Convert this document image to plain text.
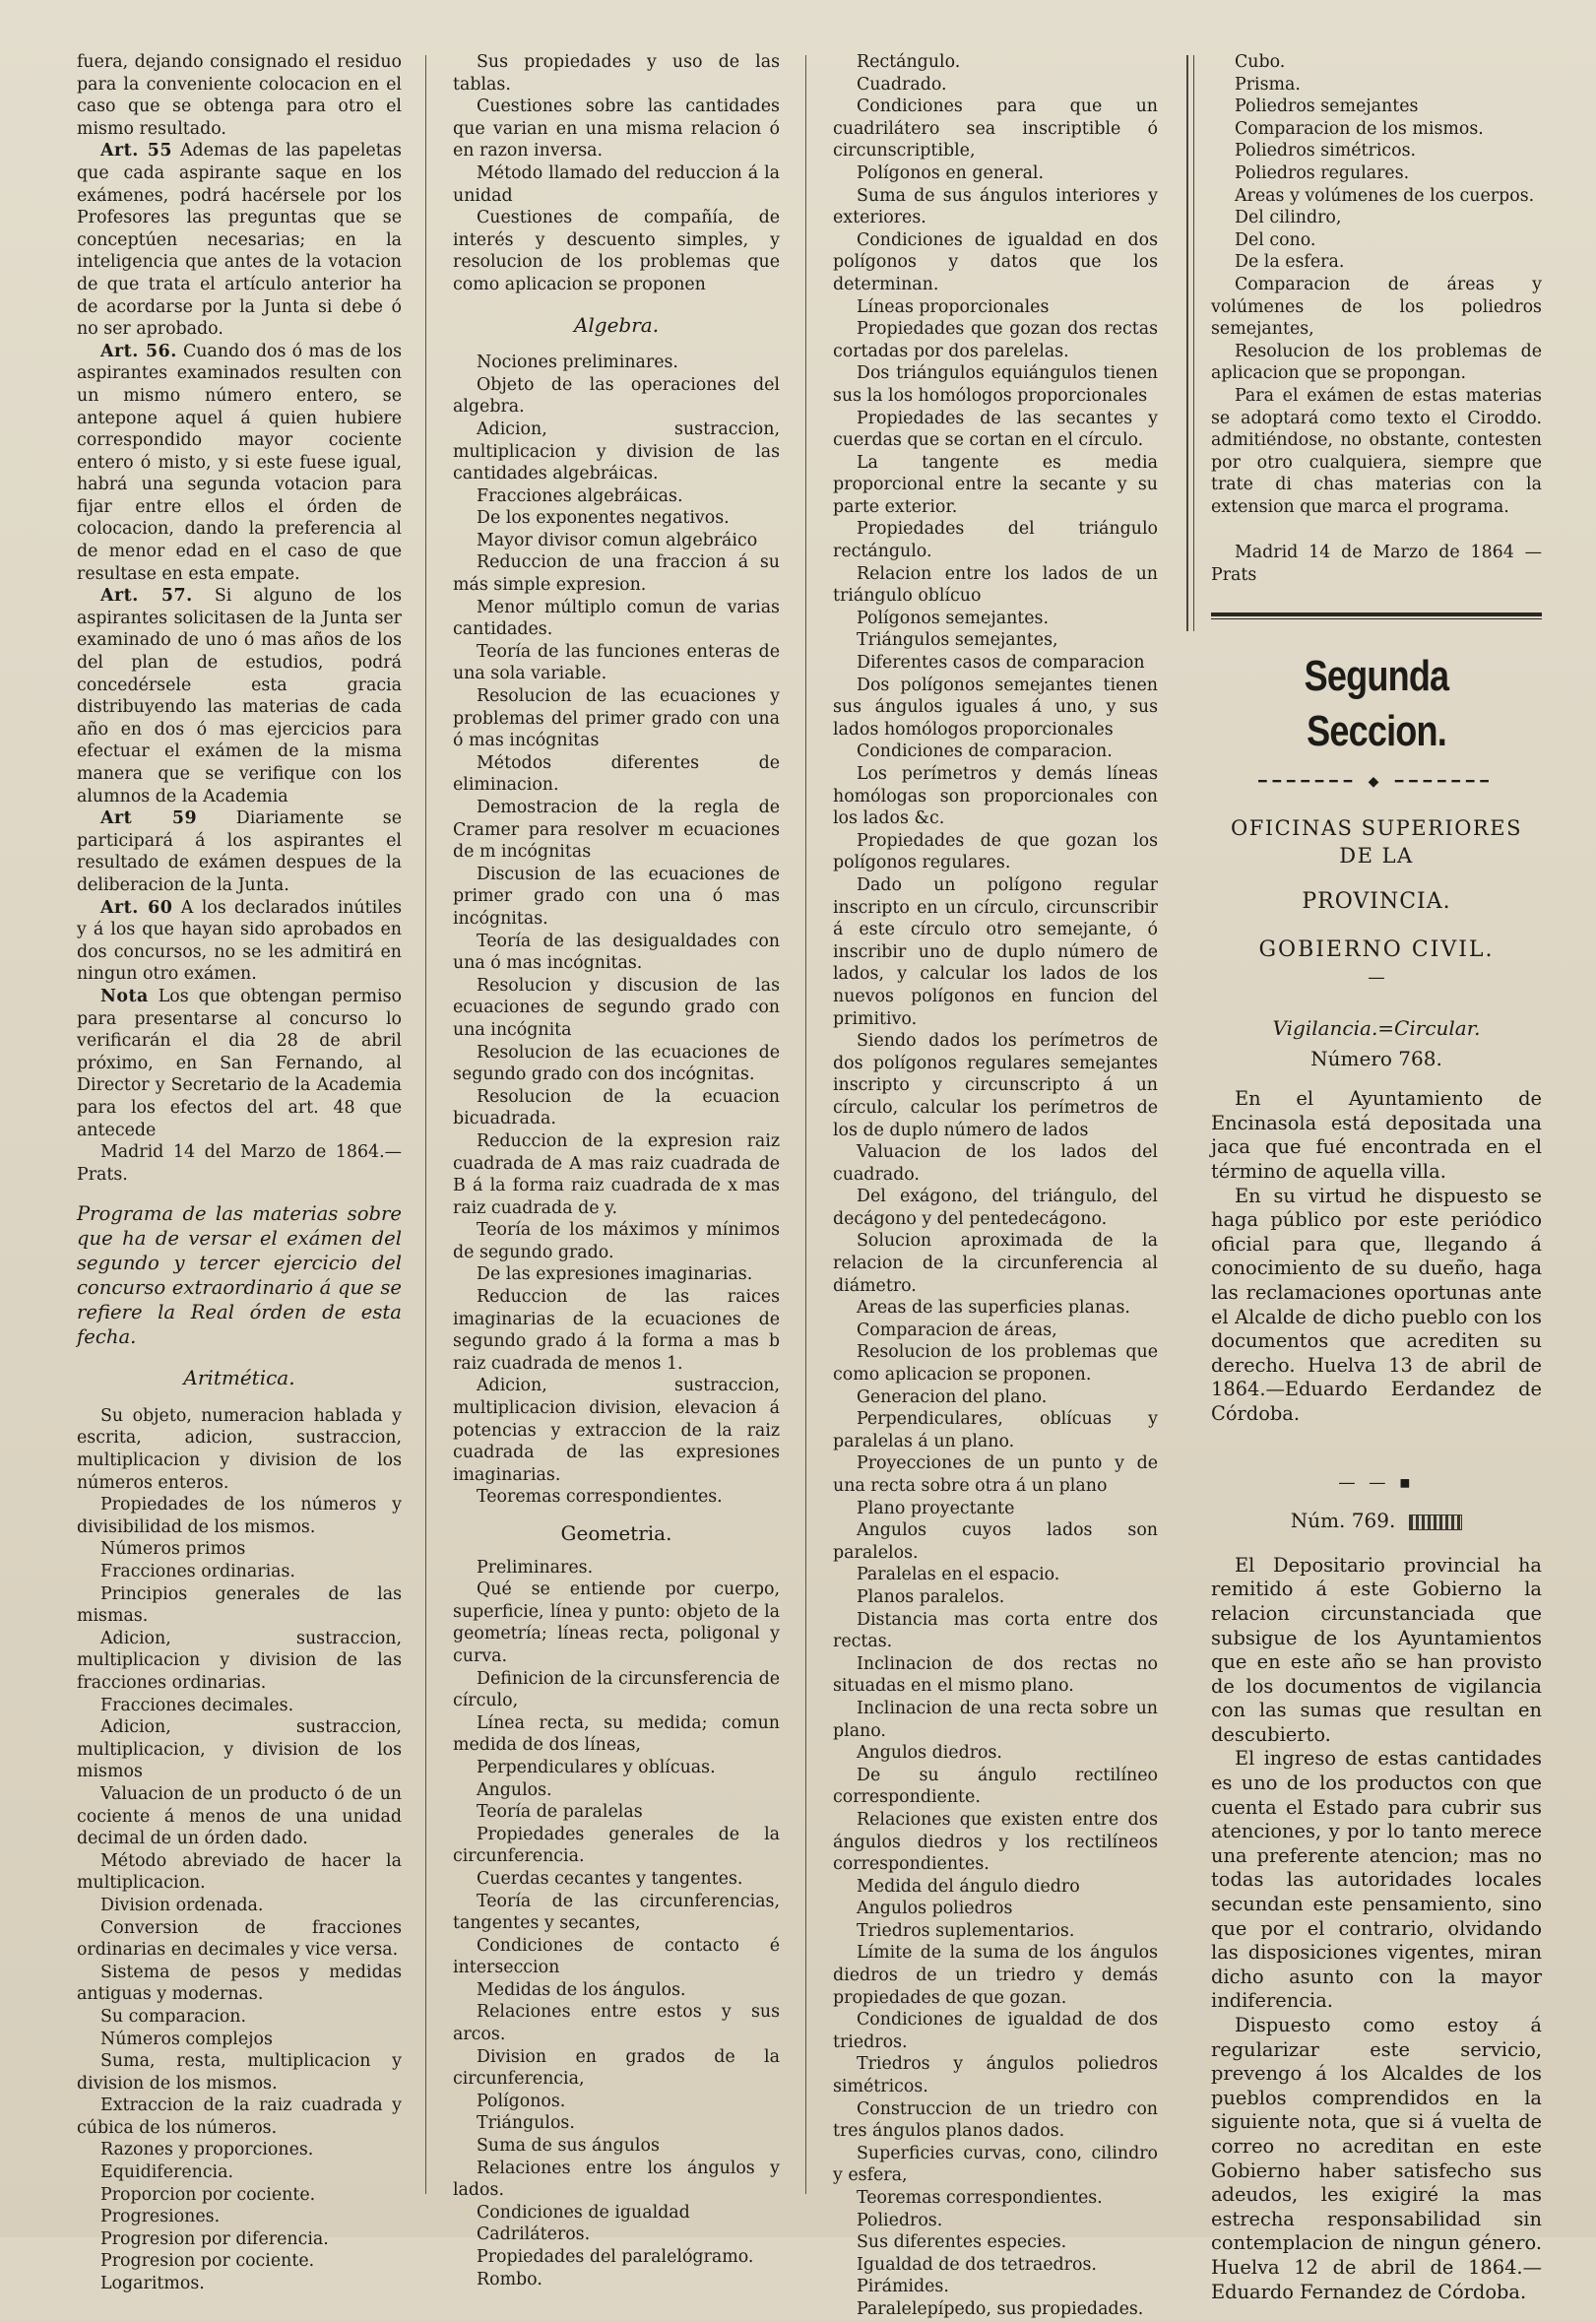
fuera, dejando consignado el residuo para la conveniente colocacion en el caso que se obtenga para otro el mismo resultado.

Art. 55 Ademas de las papeletas que cada aspirante saque en los exámenes, podrá hacérsele por los Profesores las preguntas que se conceptúen necesarias; en la inteligencia que antes de la votacion de que trata el artículo anterior ha de acordarse por la Junta si debe ó no ser aprobado.

Art. 56. Cuando dos ó mas de los aspirantes examinados resulten con un mismo número entero, se antepone aquel á quien hubiere correspondido mayor cociente entero ó misto, y si este fuese igual, habrá una segunda votacion para fijar entre ellos el órden de colocacion, dando la preferencia al de menor edad en el caso de que resultase en esta empate.

Art. 57. Si alguno de los aspirantes solicitasen de la Junta ser examinado de uno ó mas años de los del plan de estudios, podrá concedérsele esta gracia distribuyendo las materias de cada año en dos ó mas ejercicios para efectuar el exámen de la misma manera que se verifique con los alumnos de la Academia

Art 59 Diariamente se participará á los aspirantes el resultado de exámen despues de la deliberacion de la Junta.

Art. 60 A los declarados inútiles y á los que hayan sido aprobados en dos concursos, no se les admitirá en ningun otro exámen.

Nota Los que obtengan permiso para presentarse al concurso lo verificarán el dia 28 de abril próximo, en San Fernando, al Director y Secretario de la Academia para los efectos del art. 48 que antecede

Madrid 14 del Marzo de 1864.— Prats.

Programa de las materias sobre que ha de versar el exámen del segundo y tercer ejercicio del concurso extraordinario á que se refiere la Real órden de esta fecha.

Aritmética.

Su objeto, numeracion hablada y escrita, adicion, sustraccion, multiplicacion y division de los números enteros.

Propiedades de los números y divisibilidad de los mismos.

Números primos

Fracciones ordinarias.

Principios generales de las mismas.

Adicion, sustraccion, multiplicacion y division de las fracciones ordinarias.

Fracciones decimales.

Adicion, sustraccion, multiplicacion, y division de los mismos

Valuacion de un producto ó de un cociente á menos de una unidad decimal de un órden dado.

Método abreviado de hacer la multiplicacion.

Division ordenada.

Conversion de fracciones ordinarias en decimales y vice versa.

Sistema de pesos y medidas antiguas y modernas.

Su comparacion.

Números complejos

Suma, resta, multiplicacion y division de los mismos.

Extraccion de la raiz cuadrada y cúbica de los números.

Razones y proporciones.

Equidiferencia.

Proporcion por cociente.

Progresiones.

Progresion por diferencia.

Progresion por cociente.

Logaritmos.

Sus propiedades y uso de las tablas.

Cuestiones sobre las cantidades que varian en una misma relacion ó en razon inversa.

Método llamado del reduccion á la unidad

Cuestiones de compañía, de interés y descuento simples, y resolucion de los problemas que como aplicacion se proponen

Algebra.

Nociones preliminares.

Objeto de las operaciones del algebra.

Adicion, sustraccion, multiplicacion y division de las cantidades algebráicas.

Fracciones algebráicas.

De los exponentes negativos.

Mayor divisor comun algebráico

Reduccion de una fraccion á su más simple expresion.

Menor múltiplo comun de varias cantidades.

Teoría de las funciones enteras de una sola variable.

Resolucion de las ecuaciones y problemas del primer grado con una ó mas incógnitas

Métodos diferentes de eliminacion.

Demostracion de la regla de Cramer para resolver m ecuaciones de m incógnitas

Discusion de las ecuaciones de primer grado con una ó mas incógnitas.

Teoría de las desigualdades con una ó mas incógnitas.

Resolucion y discusion de las ecuaciones de segundo grado con una incógnita

Resolucion de las ecuaciones de segundo grado con dos incógnitas.

Resolucion de la ecuacion bicuadrada.

Reduccion de la expresion raiz cuadrada de A mas raiz cuadrada de B á la forma raiz cuadrada de x mas raiz cuadrada de y.

Teoría de los máximos y mínimos de segundo grado.

De las expresiones imaginarias.

Reduccion de las raices imaginarias de la ecuaciones de segundo grado á la forma a mas b raiz cuadrada de menos 1.

Adicion, sustraccion, multiplicacion division, elevacion á potencias y extraccion de la raiz cuadrada de las expresiones imaginarias.

Teoremas correspondientes.

Geometria.

Preliminares.

Qué se entiende por cuerpo, superficie, línea y punto: objeto de la geometría; líneas recta, poligonal y curva.

Definicion de la circunsferencia de círculo,

Línea recta, su medida; comun medida de dos líneas,

Perpendiculares y oblícuas.

Angulos.

Teoría de paralelas

Propiedades generales de la circunferencia.

Cuerdas cecantes y tangentes.

Teoría de las circunferencias, tangentes y secantes,

Condiciones de contacto é interseccion

Medidas de los ángulos.

Relaciones entre estos y sus arcos.

Division en grados de la circunferencia,

Polígonos.

Triángulos.

Suma de sus ángulos

Relaciones entre los ángulos y lados.

Condiciones de igualdad

Cadriláteros.

Propiedades del paralelógramo.

Rombo.

Rectángulo.

Cuadrado.

Condiciones para que un cuadrilátero sea inscriptible ó circunscriptible,

Polígonos en general.

Suma de sus ángulos interiores y exteriores.

Condiciones de igualdad en dos polígonos y datos que los determinan.

Líneas proporcionales

Propiedades que gozan dos rectas cortadas por dos parelelas.

Dos triángulos equiángulos tienen sus la los homólogos proporcionales

Propiedades de las secantes y cuerdas que se cortan en el círculo.

La tangente es media proporcional entre la secante y su parte exterior.

Propiedades del triángulo rectángulo.

Relacion entre los lados de un triángulo oblícuo

Polígonos semejantes.

Triángulos semejantes,

Diferentes casos de comparacion

Dos polígonos semejantes tienen sus ángulos iguales á uno, y sus lados homólogos proporcionales

Condiciones de comparacion.

Los perímetros y demás líneas homólogas son proporcionales con los lados &c.

Propiedades de que gozan los polígonos regulares.

Dado un polígono regular inscripto en un círculo, circunscribir á este círculo otro semejante, ó inscribir uno de duplo número de lados, y calcular los lados de los nuevos polígonos en funcion del primitivo.

Siendo dados los perímetros de dos polígonos regulares semejantes inscripto y circunscripto á un círculo, calcular los perímetros de los de duplo número de lados

Valuacion de los lados del cuadrado.

Del exágono, del triángulo, del decágono y del pentedecágono.

Solucion aproximada de la relacion de la circunferencia al diámetro.

Areas de las superficies planas.

Comparacion de áreas,

Resolucion de los problemas que como aplicacion se proponen.

Generacion del plano.

Perpendiculares, oblícuas y paralelas á un plano.

Proyecciones de un punto y de una recta sobre otra á un plano

Plano proyectante

Angulos cuyos lados son paralelos.

Paralelas en el espacio.

Planos paralelos.

Distancia mas corta entre dos rectas.

Inclinacion de dos rectas no situadas en el mismo plano.

Inclinacion de una recta sobre un plano.

Angulos diedros.

De su ángulo rectilíneo correspondiente.

Relaciones que existen entre dos ángulos diedros y los rectilíneos correspondientes.

Medida del ángulo diedro

Angulos poliedros

Triedros suplementarios.

Límite de la suma de los ángulos diedros de un triedro y demás propiedades de que gozan.

Condiciones de igualdad de dos triedros.

Triedros y ángulos poliedros simétricos.

Construccion de un triedro con tres ángulos planos dados.

Superficies curvas, cono, cilindro y esfera,

Teoremas correspondientes.

Poliedros.

Sus diferentes especies.

Igualdad de dos tetraedros.

Pirámides.

Paralelepípedo, sus propiedades.

Cubo.

Prisma.

Poliedros semejantes

Comparacion de los mismos.

Poliedros simétricos.

Poliedros regulares.

Areas y volúmenes de los cuerpos.

Del cilindro,

Del cono.

De la esfera.

Comparacion de áreas y volúmenes de los poliedros semejantes,

Resolucion de los problemas de aplicacion que se propongan.

Para el exámen de estas materias se adoptará como texto el Ciroddo. admitiéndose, no obstante, contesten por otro cualquiera, siempre que trate di chas materias con la extension que marca el programa.

Madrid 14 de Marzo de 1864 — Prats

Segunda Seccion.

━━━━━━━ ◆ ━━━━━━━

OFICINAS SUPERIORES DE LA

PROVINCIA.

GOBIERNO CIVIL.

—

Vigilancia.=Circular.

Número 768.

En el Ayuntamiento de Encinasola está depositada una jaca que fué encontrada en el término de aquella villa.

En su virtud he dispuesto se haga público por este periódico oficial para que, llegando á conocimiento de su dueño, haga las reclamaciones oportunas ante el Alcalde de dicho pueblo con los documentos que acrediten su derecho. Huelva 13 de abril de 1864.—Eduardo Eerdandez de Córdoba.

— — ▪

Núm. 769.

El Depositario provincial ha remitido á este Gobierno la relacion circunstanciada que subsigue de los Ayuntamientos que en este año se han provisto de los documentos de vigilancia con las sumas que resultan en descubierto.

El ingreso de estas cantidades es uno de los productos con que cuenta el Estado para cubrir sus atenciones, y por lo tanto merece una preferente atencion; mas no todas las autoridades locales secundan este pensamiento, sino que por el contrario, olvidando las disposiciones vigentes, miran dicho asunto con la mayor indiferencia.

Dispuesto como estoy á regularizar este servicio, prevengo á los Alcaldes de los pueblos comprendidos en la siguiente nota, que si á vuelta de correo no acreditan en este Gobierno haber satisfecho sus adeudos, les exigiré la mas estrecha responsabilidad sin contemplacion de ningun género. Huelva 12 de abril de 1864.—Eduardo Fernandez de Córdoba.
